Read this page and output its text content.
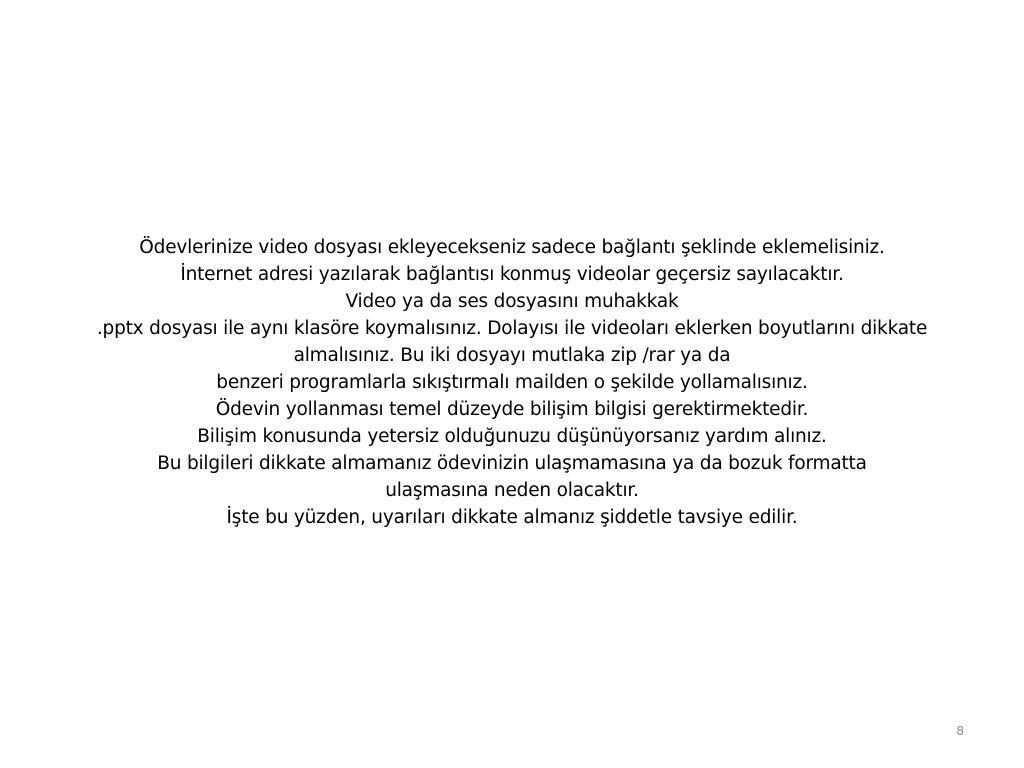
Ödevlerinize video dosyası ekleyecekseniz sadece bağlantı şeklinde eklemelisiniz.
İnternet adresi yazılarak bağlantısı konmuş videolar geçersiz sayılacaktır.
Video ya da ses dosyasını muhakkak
.pptx dosyası ile aynı klasöre koymalısınız. Dolayısı ile videoları eklerken boyutlarını dikkate
almalısınız. Bu iki dosyayı mutlaka zip /rar ya da
benzeri programlarla sıkıştırmalı mailden o şekilde yollamalısınız.
Ödevin yollanması temel düzeyde bilişim bilgisi gerektirmektedir.
Bilişim konusunda yetersiz olduğunuzu düşünüyorsanız yardım alınız.
Bu bilgileri dikkate almamanız ödevinizin ulaşmamasına ya da bozuk formatta
ulaşmasına neden olacaktır.
İşte bu yüzden, uyarıları dikkate almanız şiddetle tavsiye edilir.
8
